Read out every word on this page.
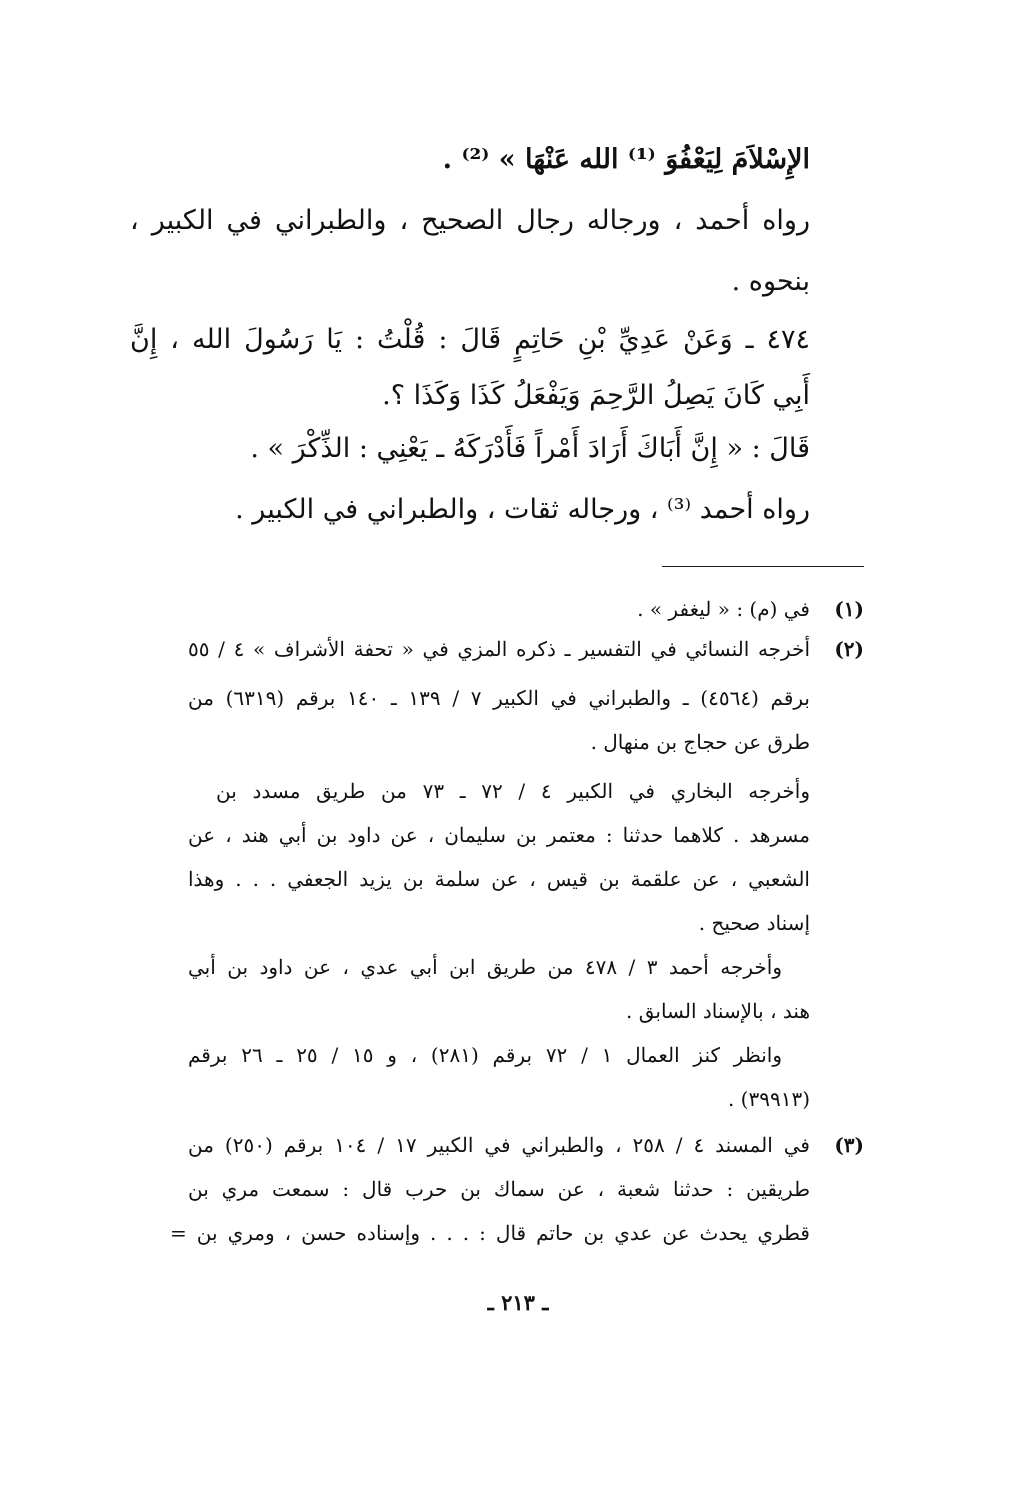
الإِسْلاَمَ لِيَعْفُوَ ⁽¹⁾ الله عَنْهَا » ⁽²⁾ .
رواه أحمد ، ورجاله رجال الصحيح ، والطبراني في الكبير ،
بنحوه .
٤٧٤ ـ وَعَنْ عَدِيِّ بْنِ حَاتِمٍ قَالَ : قُلْتُ : يَا رَسُولَ الله ، إِنَّ
أَبِي كَانَ يَصِلُ الرَّحِمَ وَيَفْعَلُ كَذَا وَكَذَا ؟.
قَالَ : « إِنَّ أَبَاكَ أَرَادَ أَمْراً فَأَدْرَكَهُ ـ يَعْنِي : الذِّكْرَ » .
رواه أحمد ⁽³⁾ ، ورجاله ثقات ، والطبراني في الكبير .
(١)
في (م) : « ليغفر » .
(٢)
أخرجه النسائي في التفسير ـ ذكره المزي في « تحفة الأشراف » ٤ / ٥٥
برقم (٤٥٦٤) ـ والطبراني في الكبير ٧ / ١٣٩ ـ ١٤٠ برقم (٦٣١٩) من
طرق عن حجاج بن منهال .
وأخرجه البخاري في الكبير ٤ / ٧٢ ـ ٧٣ من طريق مسدد بن
مسرهد . كلاهما حدثنا : معتمر بن سليمان ، عن داود بن أبي هند ، عن
الشعبي ، عن علقمة بن قيس ، عن سلمة بن يزيد الجعفي . . . وهذا
إسناد صحيح .
وأخرجه أحمد ٣ / ٤٧٨ من طريق ابن أبي عدي ، عن داود بن أبي
هند ، بالإسناد السابق .
وانظر كنز العمال ١ / ٧٢ برقم (٢٨١) ، و ١٥ / ٢٥ ـ ٢٦ برقم
(٣٩٩١٣) .
(٣)
في المسند ٤ / ٢٥٨ ، والطبراني في الكبير ١٧ / ١٠٤ برقم (٢٥٠) من
طريقين : حدثنا شعبة ، عن سماك بن حرب قال : سمعت مري بن
قطري يحدث عن عدي بن حاتم قال : . . . وإسناده حسن ، ومري بن =
ـ ٢١٣ ـ
